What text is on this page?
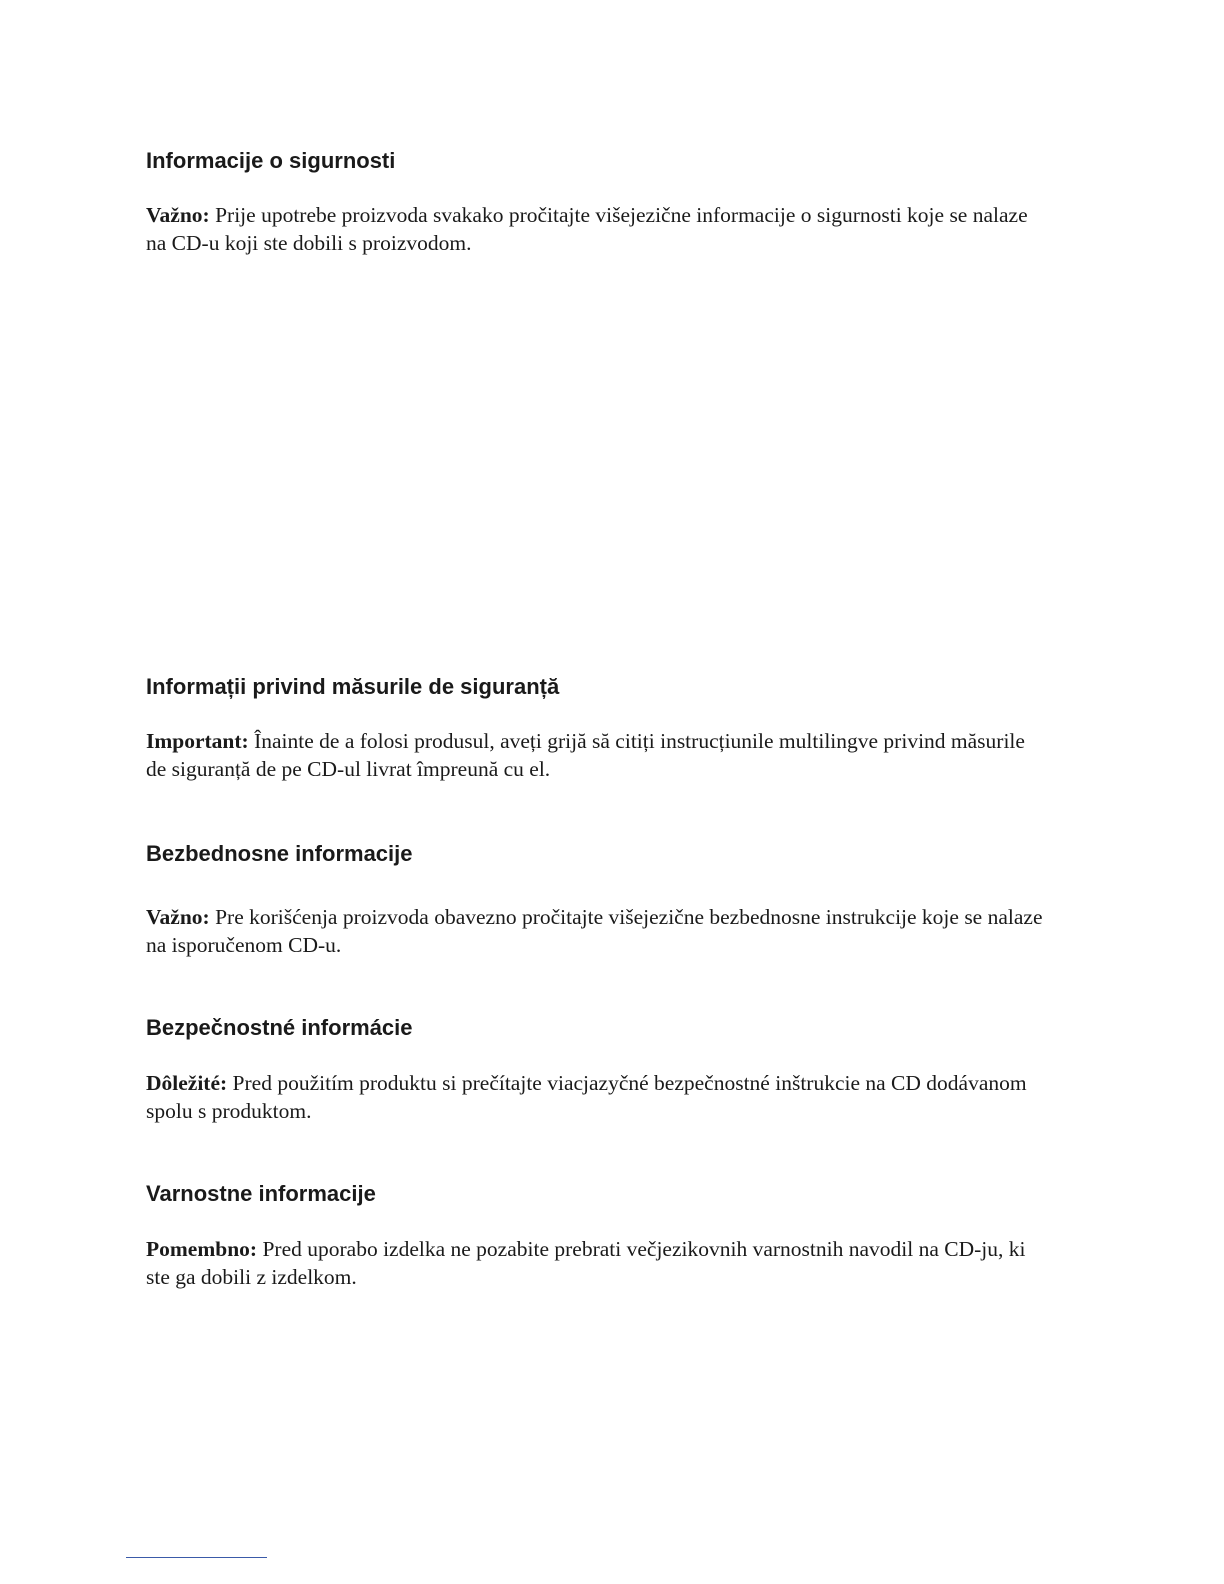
Informacije o sigurnosti

Važno: Prije upotrebe proizvoda svakako pročitajte višejezične informacije o sigurnosti koje se nalaze na CD-u koji ste dobili s proizvodom.

Informații privind măsurile de siguranță

Important: Înainte de a folosi produsul, aveți grijă să citiți instrucțiunile multilingve privind măsurile de siguranță de pe CD-ul livrat împreună cu el.

Bezbednosne informacije

Važno: Pre korišćenja proizvoda obavezno pročitajte višejezične bezbednosne instrukcije koje se nalaze na isporučenom CD-u.

Bezpečnostné informácie

Dôležité: Pred použitím produktu si prečítajte viacjazyčné bezpečnostné inštrukcie na CD dodávanom spolu s produktom.

Varnostne informacije

Pomembno: Pred uporabo izdelka ne pozabite prebrati večjezikovnih varnostnih navodil na CD-ju, ki ste ga dobili z izdelkom.
